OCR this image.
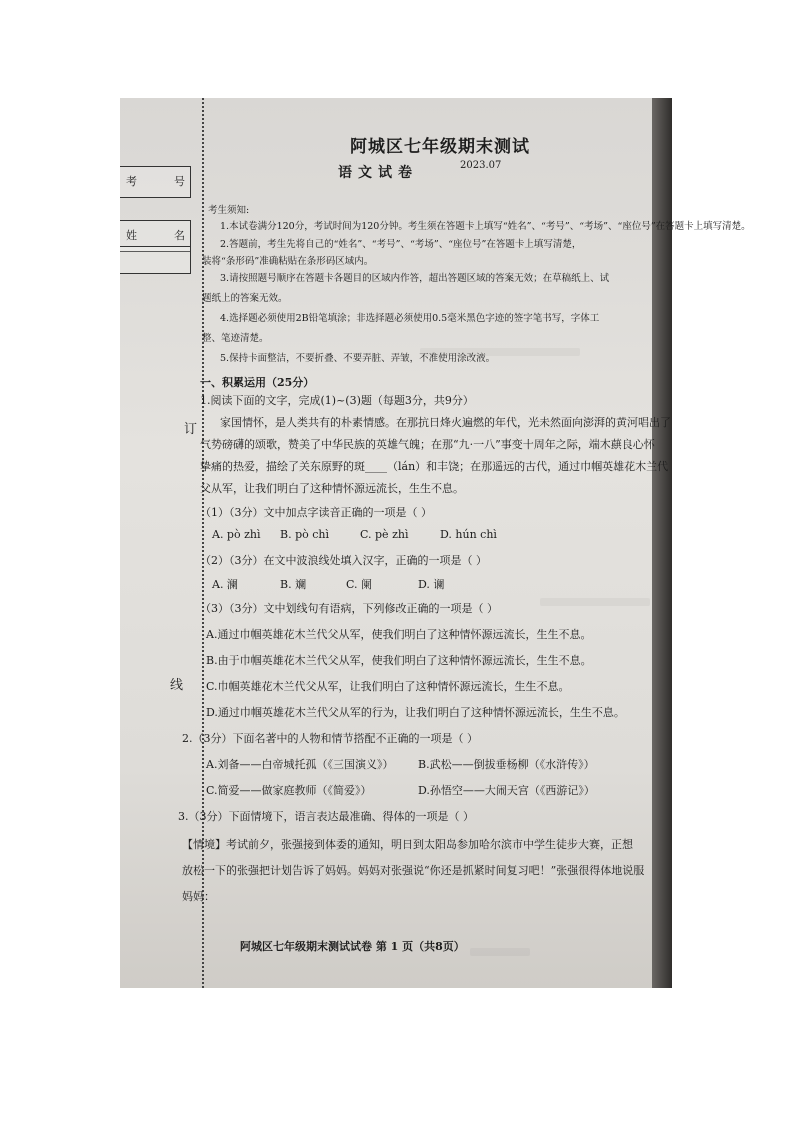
考	号
姓	名
订
线
阿城区七年级期末测试
语文试卷	2023.07
考生须知:
1.本试卷满分120分，考试时间为120分钟。考生须在答题卡上填写“姓名”、“考号”、“考场”、“座位号”在答题卡上填写清楚。
2.答题前，考生先将自己的“姓名”、“考号”、“考场”、“座位号”在答题卡上填写清楚，
装将“条形码”准确粘贴在条形码区域内。
3.请按照题号顺序在答题卡各题目的区域内作答，超出答题区域的答案无效；在草稿纸上、试
题纸上的答案无效。
4.选择题必须使用2B铅笔填涂；非选择题必须使用0.5毫米黑色字迹的签字笔书写，字体工
整、笔迹清楚。
5.保持卡面整洁，不要折叠、不要弄脏、弄皱，不准使用涂改液。
一、积累运用（25分）
1.阅读下面的文字，完成(1)~(3)题（每题3分，共9分）
家国情怀，是人类共有的朴素情感。在那抗日烽火遍燃的年代，光未然面向澎湃的黄河唱出了
气势磅礴的颂歌，赞美了中华民族的英雄气魄；在那“九·一八”事变十周年之际，端木蕻良心怀
挚痛的热爱，描绘了关东原野的斑____（lán）和丰饶；在那遥远的古代，通过巾帼英雄花木兰代
父从军，让我们明白了这种情怀源远流长，生生不息。
（1）（3分）文中加点字读音正确的一项是（ ）
A. pò zhì B. pò chì	C. pè zhì	D. hún chì
（2）（3分）在文中波浪线处填入汉字，正确的一项是（ ）
A. 澜	B. 斓	C. 阑	D. 谰
（3）（3分）文中划线句有语病，下列修改正确的一项是（ ）
A.通过巾帼英雄花木兰代父从军，使我们明白了这种情怀源远流长，生生不息。
B.由于巾帼英雄花木兰代父从军，使我们明白了这种情怀源远流长，生生不息。
C.巾帼英雄花木兰代父从军，让我们明白了这种情怀源远流长，生生不息。
D.通过巾帼英雄花木兰代父从军的行为，让我们明白了这种情怀源远流长，生生不息。
2.（3分）下面名著中的人物和情节搭配不正确的一项是（ ）
A.刘备——白帝城托孤（《三国演义》） B.武松——倒拔垂杨柳（《水浒传》）
C.简爱——做家庭教师（《简爱》）	D.孙悟空——大闹天宫（《西游记》）
3.（3分）下面情境下，语言表达最准确、得体的一项是（ ）
【情境】考试前夕，张强接到体委的通知，明日到太阳岛参加哈尔滨市中学生徒步大赛，正想
放松一下的张强把计划告诉了妈妈。妈妈对张强说“你还是抓紧时间复习吧！”张强很得体地说服
妈妈：
阿城区七年级期末测试试卷 第 1 页（共8页）
